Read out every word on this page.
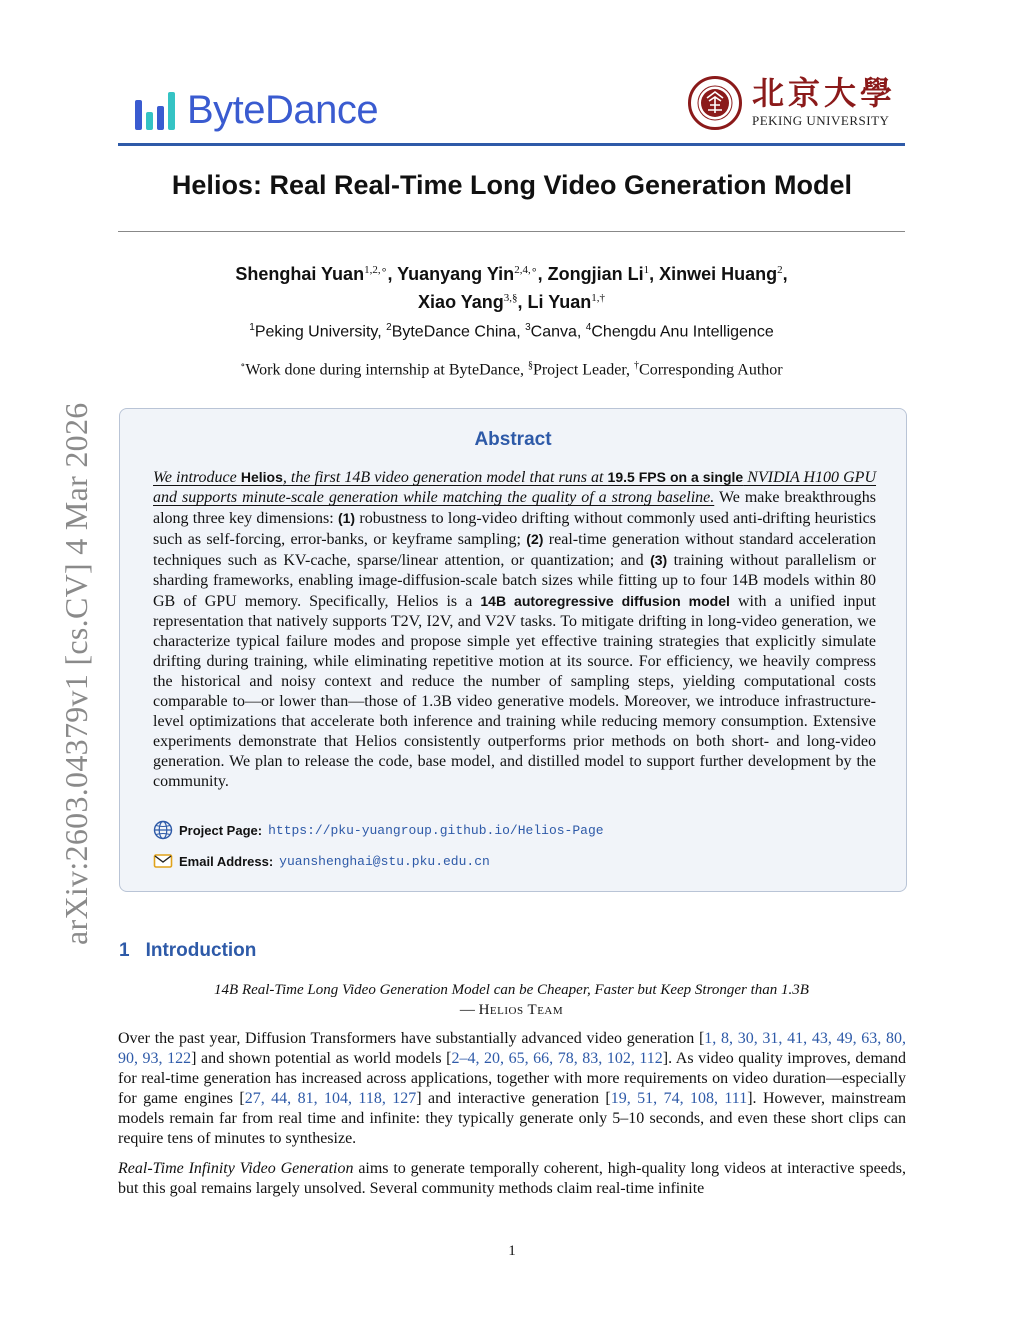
ByteDance	北京大學
PEKING UNIVERSITY
Helios: Real Real-Time Long Video Generation Model
Shenghai Yuan$^{1,2,\circ}$, Yuanyang Yin$^{2,4,\circ}$, Zongjian Li$^1$, Xinwei Huang$^2$,
Xiao Yang$^{3,\S}$, Li Yuan$^{1,\dagger}$
$^1$Peking University, $^2$ByteDance China, $^3$Canva, $^4$Chengdu Anu Intelligence
∘Work done during internship at ByteDance, §Project Leader, †Corresponding Author
arXiv:2603.04379v1 [cs.CV] 4 Mar 2026	Abstract
We introduce Helios, the first 14B video generation model that runs at 19.5 FPS on a single NVIDIA H100 GPU and supports minute-scale generation while matching the quality of a strong baseline. We make breakthroughs along three key dimensions: (1) robustness to long-video drifting without commonly used anti-drifting heuristics such as self-forcing, error-banks, or keyframe sampling; (2) real-time generation without standard acceleration techniques such as KV-cache, sparse/linear attention, or quantization; and (3) training without parallelism or sharding frameworks, enabling image-diffusion-scale batch sizes while fitting up to four 14B models within 80 GB of GPU memory. Specifically, Helios is a 14B autoregressive diffusion model with a unified input representation that natively supports T2V, I2V, and V2V tasks. To mitigate drifting in long-video generation, we characterize typical failure modes and propose simple yet effective training strategies that explicitly simulate drifting during training, while eliminating repetitive motion at its source. For efficiency, we heavily compress the historical and noisy context and reduce the number of sampling steps, yielding computational costs comparable to—or lower than—those of 1.3B video generative models. Moreover, we introduce infrastructure-level optimizations that accelerate both inference and training while reducing memory consumption. Extensive experiments demonstrate that Helios consistently outperforms prior methods on both short- and long-video generation. We plan to release the code, base model, and distilled model to support further development by the community.
Project Page: https://pku-yuangroup.github.io/Helios-Page
Email Address: yuanshenghai@stu.pku.edu.cn
1 Introduction
14B Real-Time Long Video Generation Model can be Cheaper, Faster but Keep Stronger than 1.3B
— Helios Team
Over the past year, Diffusion Transformers have substantially advanced video generation [1, 8, 30, 31, 41, 43, 49, 63, 80, 90, 93, 122] and shown potential as world models [2–4, 20, 65, 66, 78, 83, 102, 112]. As video quality improves, demand for real-time generation has increased across applications, together with more requirements on video duration—especially for game engines [27, 44, 81, 104, 118, 127] and interactive generation [19, 51, 74, 108, 111]. However, mainstream models remain far from real time and infinite: they typically generate only 5–10 seconds, and even these short clips can require tens of minutes to synthesize.
Real-Time Infinity Video Generation aims to generate temporally coherent, high-quality long videos at interactive speeds, but this goal remains largely unsolved. Several community methods claim real-time infinite
1
